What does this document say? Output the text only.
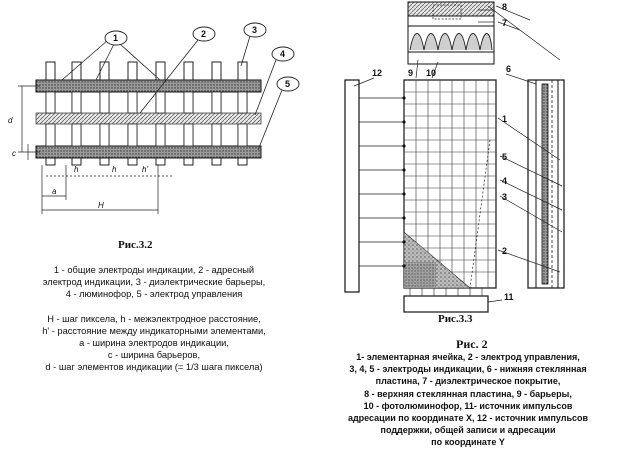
1	2	3
4
5
d
c
h	h	h'
a
H
Рис.3.2
1 - общие электроды индикации, 2 - адресный
электрод индикации, 3 - диэлектрические барьеры,
4 - люминофор, 5 - электрод управления
H - шаг пиксела, h - межэлектродное расстояние,
h' - расстояние между индикаторными элементами,
a - ширина электродов индикации,
c - ширина барьеров,
d - шаг элементов индикации (= 1/3 шага пиксела)
8
7
9 10
12	6
1
5
4
3
2
11
Рис.3.3
Рис. 2
1- элементарная ячейка, 2 - электрод управления,
3, 4, 5 - электроды индикации, 6 - нижняя стеклянная
пластина, 7 - диэлектрическое покрытие,
8 - верхняя стеклянная пластина, 9 - барьеры,
10 - фотолюминофор, 11- источник импульсов
адресации по координате X, 12 - источник импульсов
поддержки, общей записи и адресации
по координате Y
